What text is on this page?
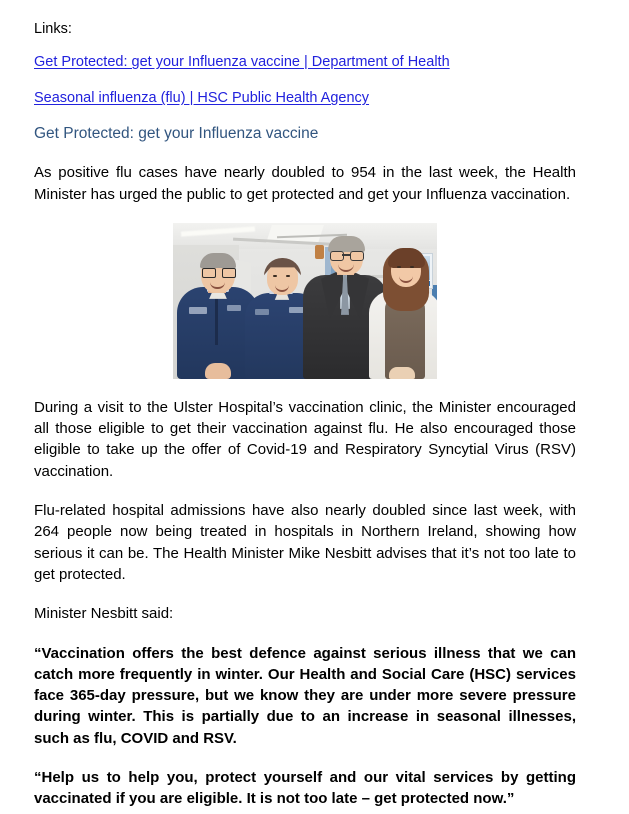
Links:

Get Protected: get your Influenza vaccine | Department of Health

Seasonal influenza (flu) | HSC Public Health Agency

Get Protected: get your Influenza vaccine

As positive flu cases have nearly doubled to 954 in the last week, the Health Minister has urged the public to get protected and get your Influenza vaccination.

During a visit to the Ulster Hospital’s vaccination clinic, the Minister encouraged all those eligible to get their vaccination against flu. He also encouraged those eligible to take up the offer of Covid-19 and Respiratory Syncytial Virus (RSV) vaccination.

Flu-related hospital admissions have also nearly doubled since last week, with 264 people now being treated in hospitals in Northern Ireland, showing how serious it can be. The Health Minister Mike Nesbitt advises that it’s not too late to get protected.

Minister Nesbitt said:

“Vaccination offers the best defence against serious illness that we can catch more frequently in winter. Our Health and Social Care (HSC) services face 365-day pressure, but we know they are under more severe pressure during winter. This is partially due to an increase in seasonal illnesses, such as flu, COVID and RSV.

“Help us to help you, protect yourself and our vital services by getting vaccinated if you are eligible. It is not too late – get protected now.”
